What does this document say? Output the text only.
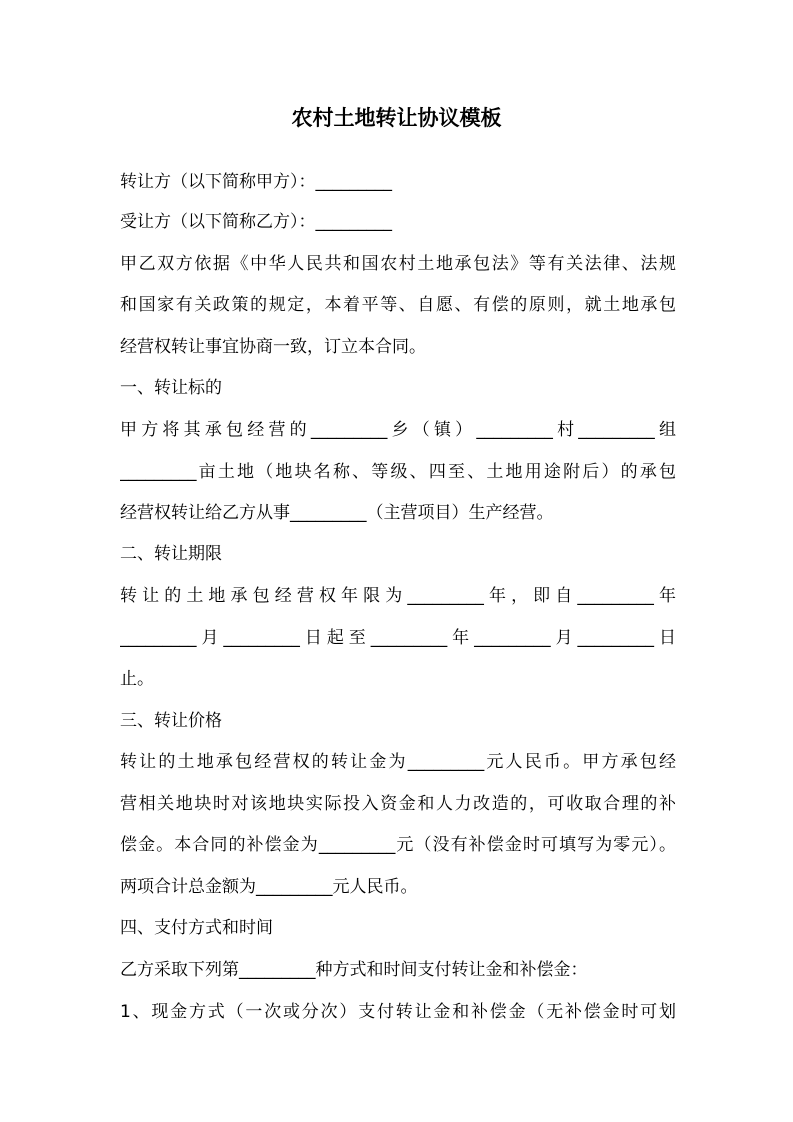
农村土地转让协议模板
转让方（以下简称甲方）：_________
受让方（以下简称乙方）：_________
甲乙双方依据《中华人民共和国农村土地承包法》等有关法律、法规
和国家有关政策的规定，本着平等、自愿、有偿的原则，就土地承包
经营权转让事宜协商一致，订立本合同。
一、转让标的
甲方将其承包经营的_________乡（镇）_________村_________组
_________亩土地（地块名称、等级、四至、土地用途附后）的承包
经营权转让给乙方从事_________（主营项目）生产经营。
二、转让期限
转让的土地承包经营权年限为_________年，即自_________年
_________月_________日起至_________年_________月_________日
止。
三、转让价格
转让的土地承包经营权的转让金为_________元人民币。甲方承包经
营相关地块时对该地块实际投入资金和人力改造的，可收取合理的补
偿金。本合同的补偿金为_________元（没有补偿金时可填写为零元）。
两项合计总金额为_________元人民币。
四、支付方式和时间
乙方采取下列第_________种方式和时间支付转让金和补偿金：
1、现金方式（一次或分次）支付转让金和补偿金（无补偿金时可划
